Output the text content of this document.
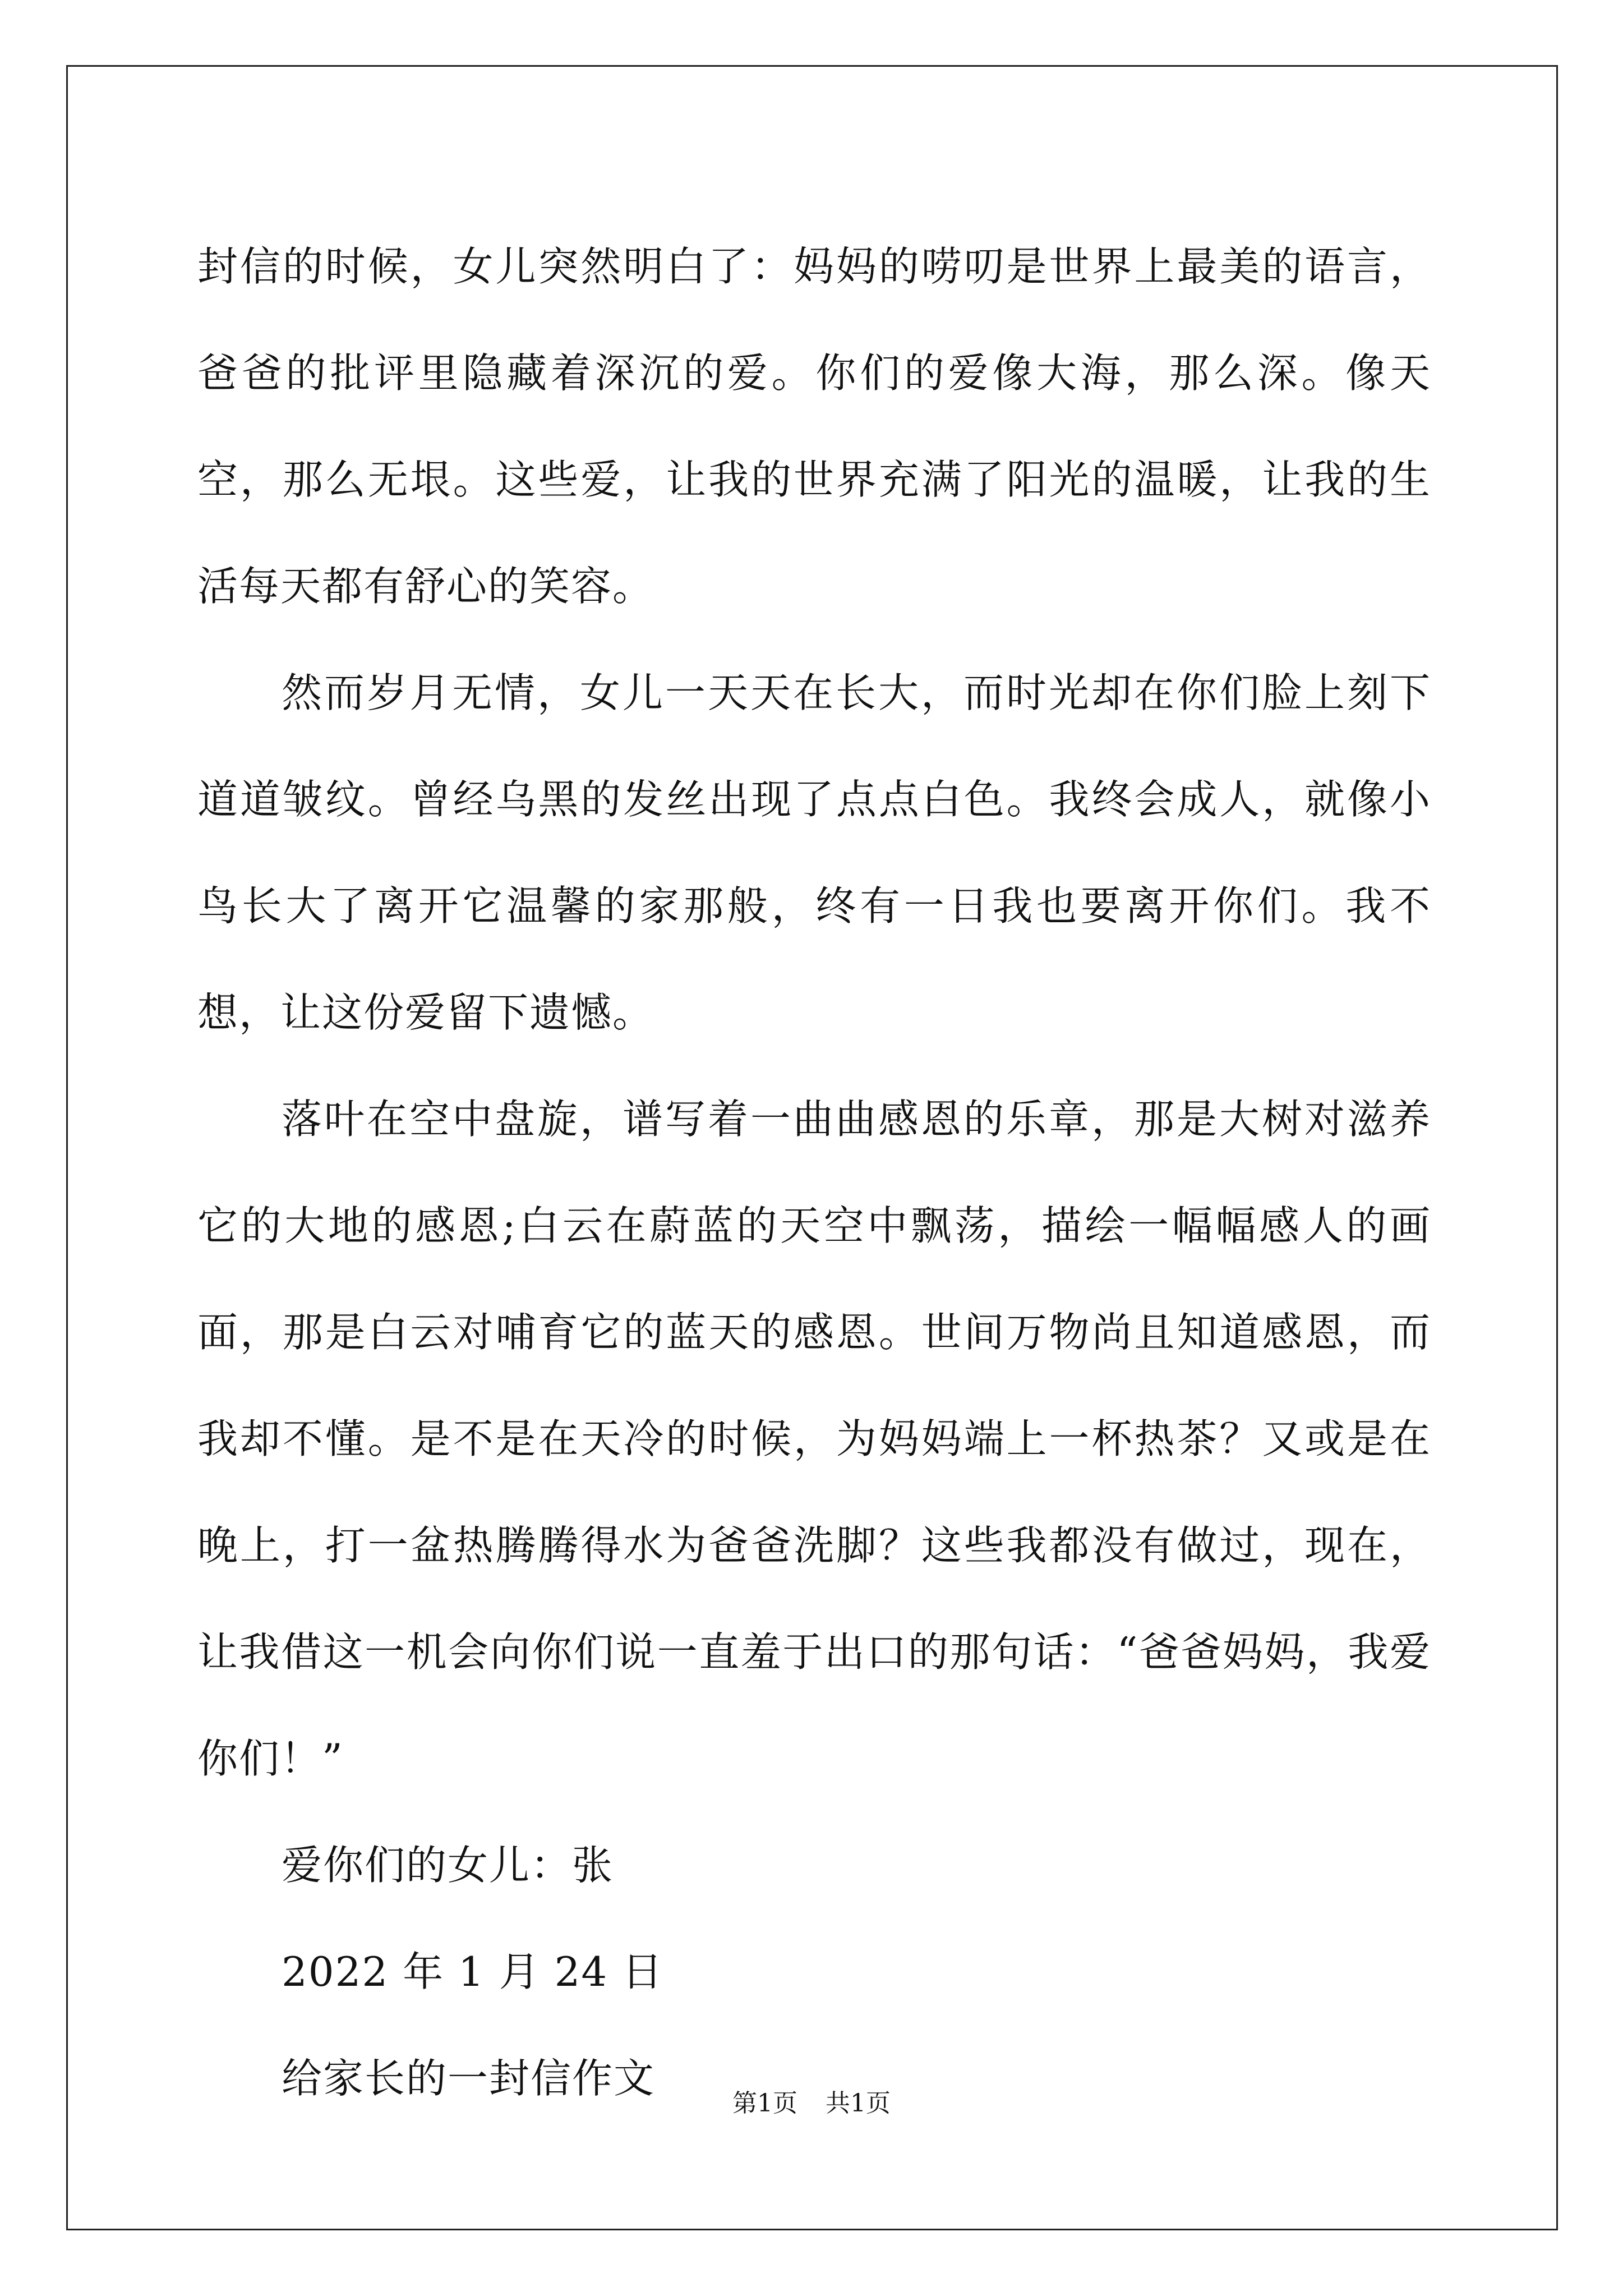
封信的时候，女儿突然明白了：妈妈的唠叨是世界上最美的语言，爸爸的批评里隐藏着深沉的爱。你们的爱像大海，那么深。像天空，那么无垠。这些爱，让我的世界充满了阳光的温暖，让我的生活每天都有舒心的笑容。

然而岁月无情，女儿一天天在长大，而时光却在你们脸上刻下道道皱纹。曾经乌黑的发丝出现了点点白色。我终会成人，就像小鸟长大了离开它温馨的家那般，终有一日我也要离开你们。我不想，让这份爱留下遗憾。

落叶在空中盘旋，谱写着一曲曲感恩的乐章，那是大树对滋养它的大地的感恩;白云在蔚蓝的天空中飘荡，描绘一幅幅感人的画面，那是白云对哺育它的蓝天的感恩。世间万物尚且知道感恩，而我却不懂。是不是在天冷的时候，为妈妈端上一杯热茶？又或是在晚上，打一盆热腾腾得水为爸爸洗脚？这些我都没有做过，现在，让我借这一机会向你们说一直羞于出口的那句话：“爸爸妈妈，我爱你们！”

爱你们的女儿：张

2022 年 1 月 24 日

给家长的一封信作文

第1页 共1页
